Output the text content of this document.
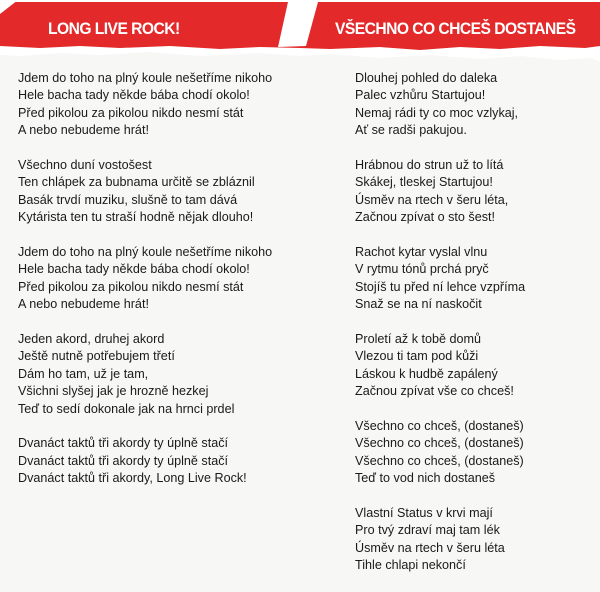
LONG LIVE ROCK!	VŠECHNO CO CHCEŠ DOSTANEŠ
Jdem do toho na plný koule nešetříme nikoho
Hele bacha tady někde bába chodí okolo!
Před pikolou za pikolou nikdo nesmí stát
A nebo nebudeme hrát!
Všechno duní vostošest
Ten chlápek za bubnama určitě se zbláznil
Basák trvdí muziku, slušně to tam dává
Kytárista ten tu straší hodně nějak dlouho!
Jdem do toho na plný koule nešetříme nikoho
Hele bacha tady někde bába chodí okolo!
Před pikolou za pikolou nikdo nesmí stát
A nebo nebudeme hrát!
Jeden akord, druhej akord
Ještě nutně potřebujem třetí
Dám ho tam, už je tam,
Všichni slyšej jak je hrozně hezkej
Teď to sedí dokonale jak na hrnci prdel
Dvanáct taktů tři akordy ty úplně stačí
Dvanáct taktů tři akordy ty úplně stačí
Dvanáct taktů tři akordy, Long Live Rock!
Dlouhej pohled do daleka
Palec vzhůru Startujou!
Nemaj rádi ty co moc vzlykaj,
Ať se radši pakujou.
Hrábnou do strun už to lítá
Skákej, tleskej Startujou!
Úsměv na rtech v šeru léta,
Začnou zpívat o sto šest!
Rachot kytar vyslal vlnu
V rytmu tónů prchá pryč
Stojíš tu před ní lehce vzpříma
Snaž se na ní naskočit
Proletí až k tobě domů
Vlezou ti tam pod kůži
Láskou k hudbě zapálený
Začnou zpívat vše co chceš!
Všechno co chceš, (dostaneš)
Všechno co chceš, (dostaneš)
Všechno co chceš, (dostaneš)
Teď to vod nich dostaneš
Vlastní Status v krvi mají
Pro tvý zdraví maj tam lék
Úsměv na rtech v šeru léta
Tihle chlapi nekončí
